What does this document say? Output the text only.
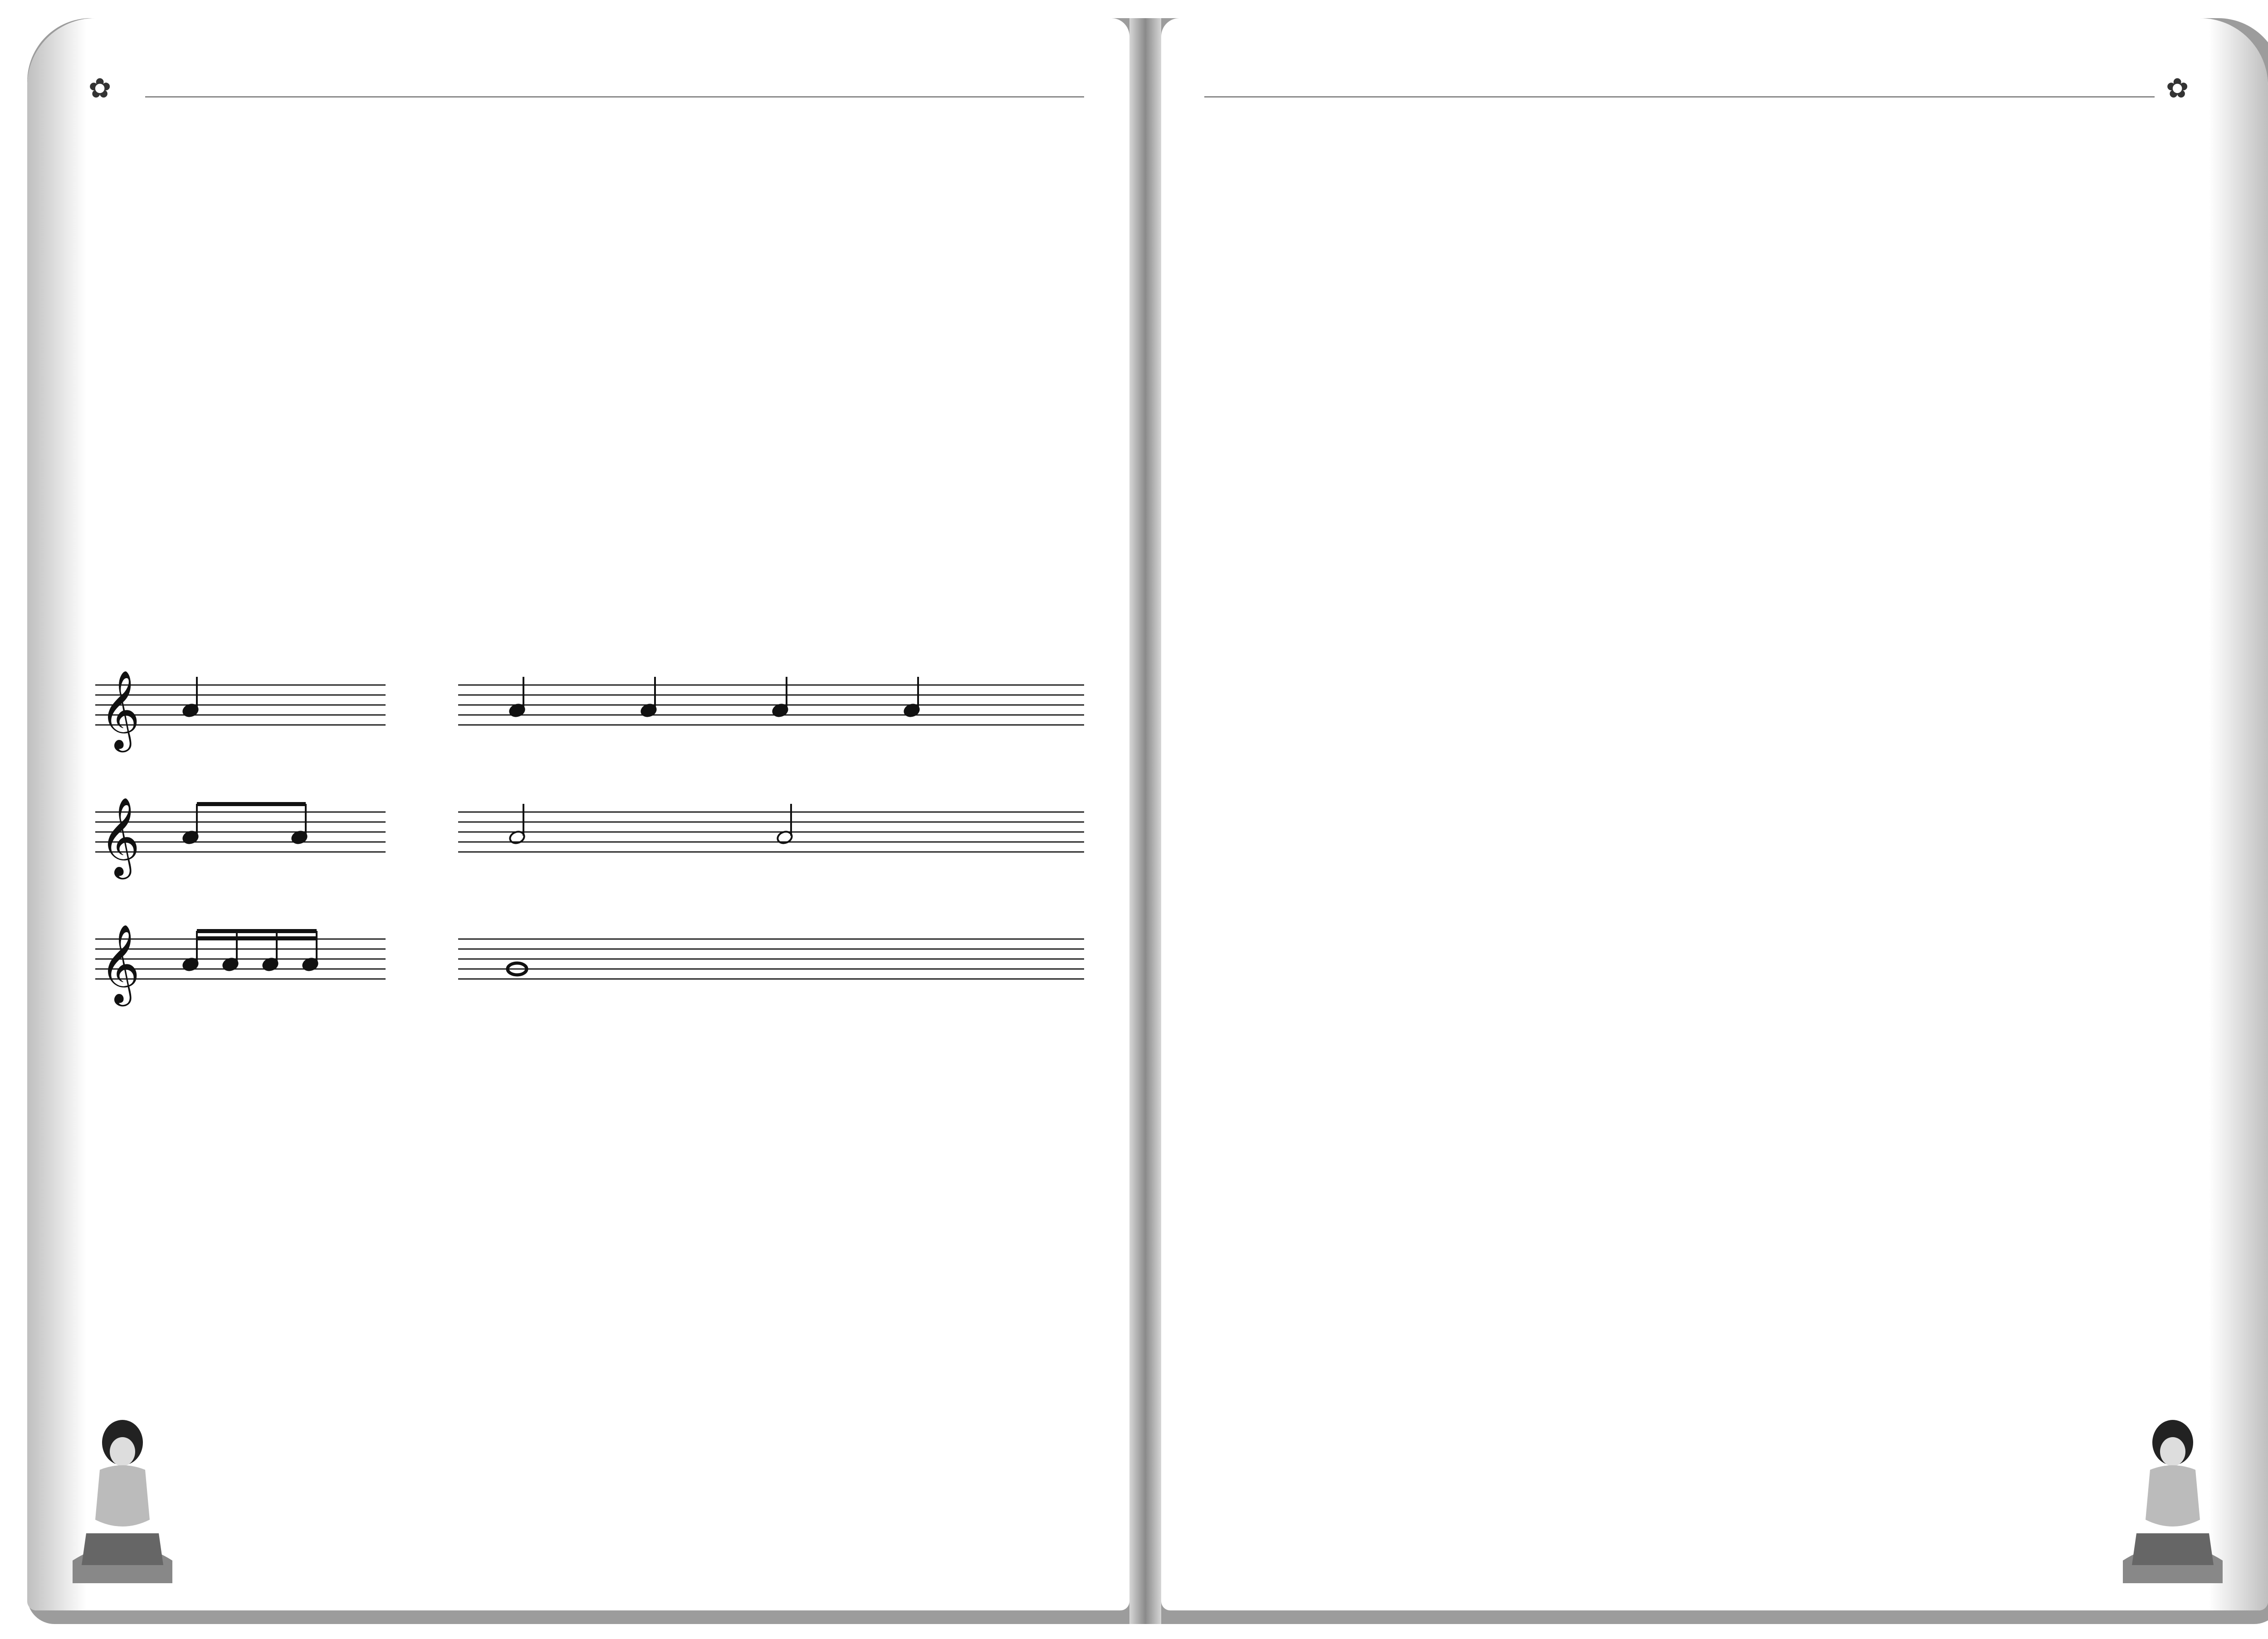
✿
𝄞
𝄞
𝄞
✿
